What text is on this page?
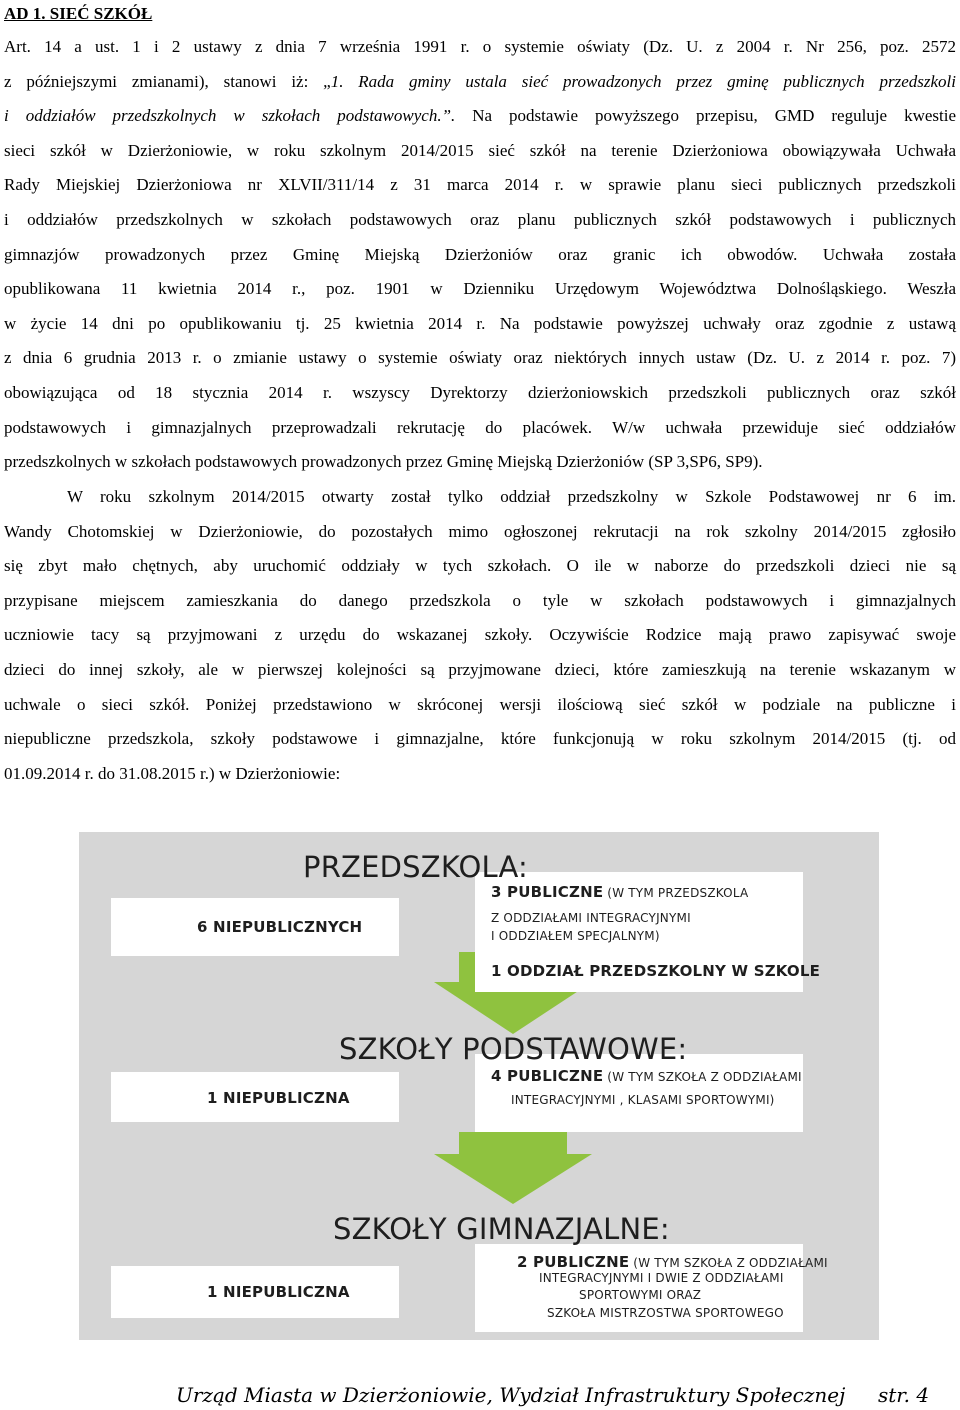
AD 1. SIEĆ SZKÓŁ
Art. 14 a ust. 1 i 2 ustawy z dnia 7 września 1991 r. o systemie oświaty (Dz. U. z 2004 r. Nr 256, poz. 2572
z późniejszymi zmianami), stanowi iż: „1. Rada gminy ustala sieć prowadzonych przez gminę publicznych przedszkoli
i oddziałów przedszkolnych w szkołach podstawowych.”. Na podstawie powyższego przepisu, GMD reguluje kwestie
sieci szkół w Dzierżoniowie, w roku szkolnym 2014/2015 sieć szkół na terenie Dzierżoniowa obowiązywała Uchwała
Rady Miejskiej Dzierżoniowa nr XLVII/311/14 z 31 marca 2014 r. w sprawie planu sieci publicznych przedszkoli
i oddziałów przedszkolnych w szkołach podstawowych oraz planu publicznych szkół podstawowych i publicznych
gimnazjów prowadzonych przez Gminę Miejską Dzierżoniów oraz granic ich obwodów. Uchwała została
opublikowana 11 kwietnia 2014 r., poz. 1901 w Dzienniku Urzędowym Województwa Dolnośląskiego. Weszła
w życie 14 dni po opublikowaniu tj. 25 kwietnia 2014 r. Na podstawie powyższej uchwały oraz zgodnie z ustawą
z dnia 6 grudnia 2013 r. o zmianie ustawy o systemie oświaty oraz niektórych innych ustaw (Dz. U. z 2014 r. poz. 7)
obowiązująca od 18 stycznia 2014 r. wszyscy Dyrektorzy dzierżoniowskich przedszkoli publicznych oraz szkół
podstawowych i gimnazjalnych przeprowadzali rekrutację do placówek. W/w uchwała przewiduje sieć oddziałów
przedszkolnych w szkołach podstawowych prowadzonych przez Gminę Miejską Dzierżoniów (SP 3,SP6, SP9).
W roku szkolnym 2014/2015 otwarty został tylko oddział przedszkolny w Szkole Podstawowej nr 6 im.
Wandy Chotomskiej w Dzierżoniowie, do pozostałych mimo ogłoszonej rekrutacji na rok szkolny 2014/2015 zgłosiło
się zbyt mało chętnych, aby uruchomić oddziały w tych szkołach. O ile w naborze do przedszkoli dzieci nie są
przypisane miejscem zamieszkania do danego przedszkola o tyle w szkołach podstawowych i gimnazjalnych
uczniowie tacy są przyjmowani z urzędu do wskazanej szkoły. Oczywiście Rodzice mają prawo zapisywać swoje
dzieci do innej szkoły, ale w pierwszej kolejności są przyjmowane dzieci, które zamieszkują na terenie wskazanym w
uchwale o sieci szkół. Poniżej przedstawiono w skróconej wersji ilościową sieć szkół w podziale na publiczne i
niepubliczne przedszkola, szkoły podstawowe i gimnazjalne, które funkcjonują w roku szkolnym 2014/2015 (tj. od
01.09.2014 r. do 31.08.2015 r.) w Dzierżoniowie:
PRZEDSZKOLA:
6 NIEPUBLICZNYCH
3 PUBLICZNE (W TYM PRZEDSZKOLA
Z ODDZIAŁAMI INTEGRACYJNYMI
I ODDZIAŁEM SPECJALNYM)
1 ODDZIAŁ PRZEDSZKOLNY W SZKOLE
SZKOŁY PODSTAWOWE:
1 NIEPUBLICZNA
4 PUBLICZNE (W TYM SZKOŁA Z ODDZIAŁAMI
INTEGRACYJNYMI , KLASAMI SPORTOWYMI)
SZKOŁY GIMNAZJALNE:
1 NIEPUBLICZNA
2 PUBLICZNE (W TYM SZKOŁA Z ODDZIAŁAMI
INTEGRACYJNYMI I DWIE Z ODDZIAŁAMI
SPORTOWYMI ORAZ
SZKOŁA MISTRZOSTWA SPORTOWEGO
Urząd Miasta w Dzierżoniowie, Wydział Infrastruktury Społecznej str. 4
